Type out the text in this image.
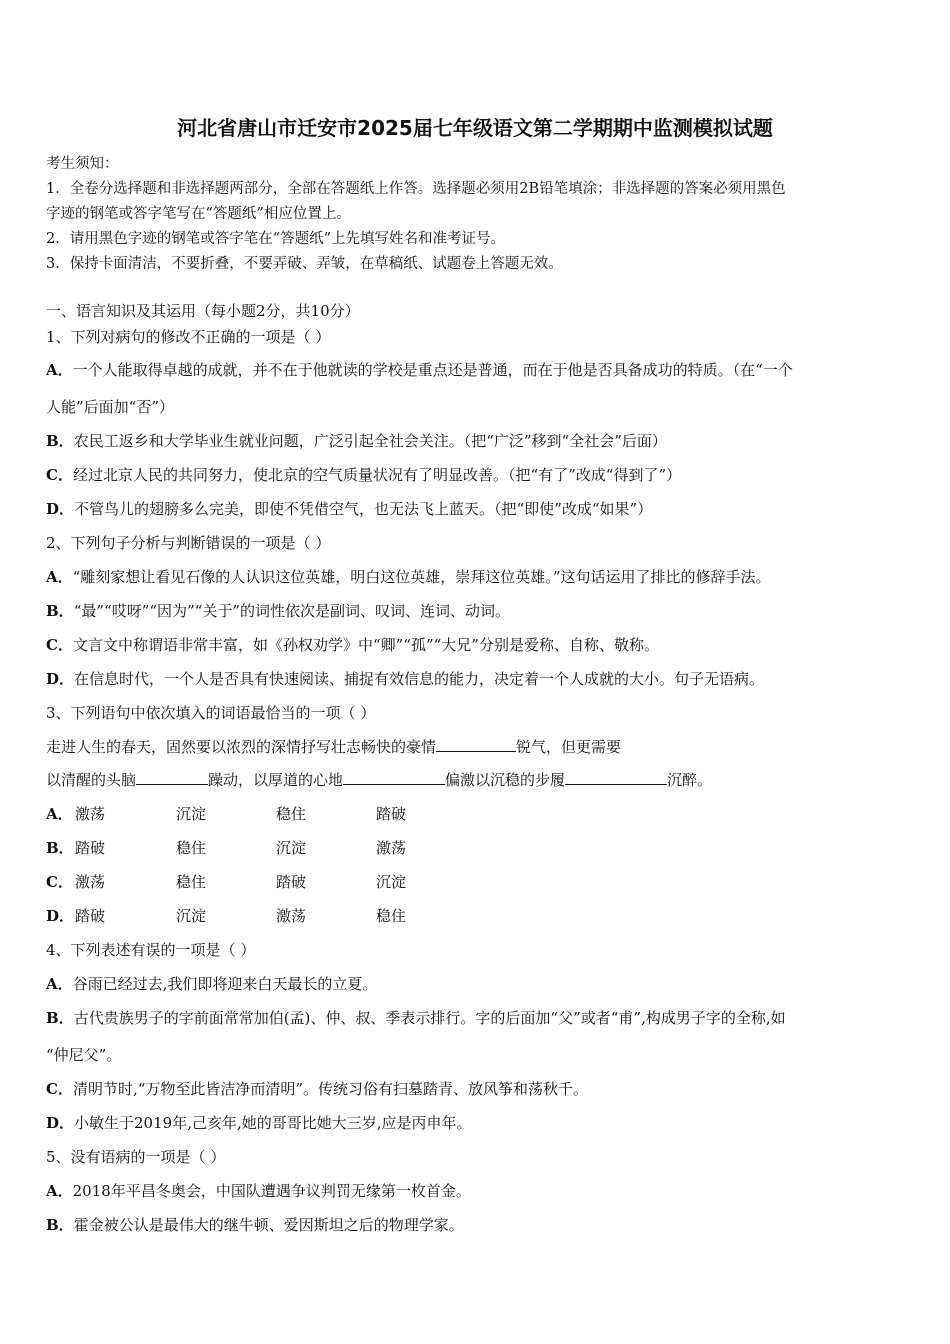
河北省唐山市迁安市2025届七年级语文第二学期期中监测模拟试题
考生须知：
1．全卷分选择题和非选择题两部分，全部在答题纸上作答。选择题必须用2B铅笔填涂；非选择题的答案必须用黑色
字迹的钢笔或答字笔写在“答题纸”相应位置上。
2．请用黑色字迹的钢笔或答字笔在“答题纸”上先填写姓名和准考证号。
3．保持卡面清洁，不要折叠，不要弄破、弄皱，在草稿纸、试题卷上答题无效。
一、语言知识及其运用（每小题2分，共10分）
1、下列对病句的修改不正确的一项是（ ）
A．一个人能取得卓越的成就，并不在于他就读的学校是重点还是普通，而在于他是否具备成功的特质。（在“一个
人能”后面加“否”）
B．农民工返乡和大学毕业生就业问题，广泛引起全社会关注。（把“广泛”移到“全社会”后面）
C．经过北京人民的共同努力，使北京的空气质量状况有了明显改善。（把“有了”改成“得到了”）
D．不管鸟儿的翅膀多么完美，即使不凭借空气，也无法飞上蓝天。（把“即使”改成“如果”）
2、下列句子分析与判断错误的一项是（ ）
A．“雕刻家想让看见石像的人认识这位英雄，明白这位英雄，崇拜这位英雄。”这句话运用了排比的修辞手法。
B．“最”“哎呀”“因为”“关于”的词性依次是副词、叹词、连词、动词。
C．文言文中称谓语非常丰富，如《孙权劝学》中“卿”“孤”“大兄”分别是爱称、自称、敬称。
D．在信息时代，一个人是否具有快速阅读、捕捉有效信息的能力，决定着一个人成就的大小。句子无语病。
3、下列语句中依次填入的词语最恰当的一项（ ）
走进人生的春天，固然要以浓烈的深情抒写壮志畅快的豪情	锐气，但更需要
以清醒的头脑	躁动，以厚道的心地	偏激以沉稳的步履	沉醉。
A． 激荡	沉淀	稳住	踏破
B． 踏破	稳住	沉淀	激荡
C． 激荡	稳住	踏破	沉淀
D． 踏破	沉淀	激荡	稳住
4、下列表述有误的一项是（ ）
A．谷雨已经过去,我们即将迎来白天最长的立夏。
B．古代贵族男子的字前面常常加伯(孟)、仲、叔、季表示排行。字的后面加“父”或者“甫”,构成男子字的全称,如
“仲尼父”。
C．清明节时,“万物至此皆洁净而清明”。传统习俗有扫墓踏青、放风筝和荡秋千。
D．小敏生于2019年,己亥年,她的哥哥比她大三岁,应是丙申年。
5、没有语病的一项是（ ）
A．2018年平昌冬奥会，中国队遭遇争议判罚无缘第一枚首金。
B．霍金被公认是最伟大的继牛顿、爱因斯坦之后的物理学家。
